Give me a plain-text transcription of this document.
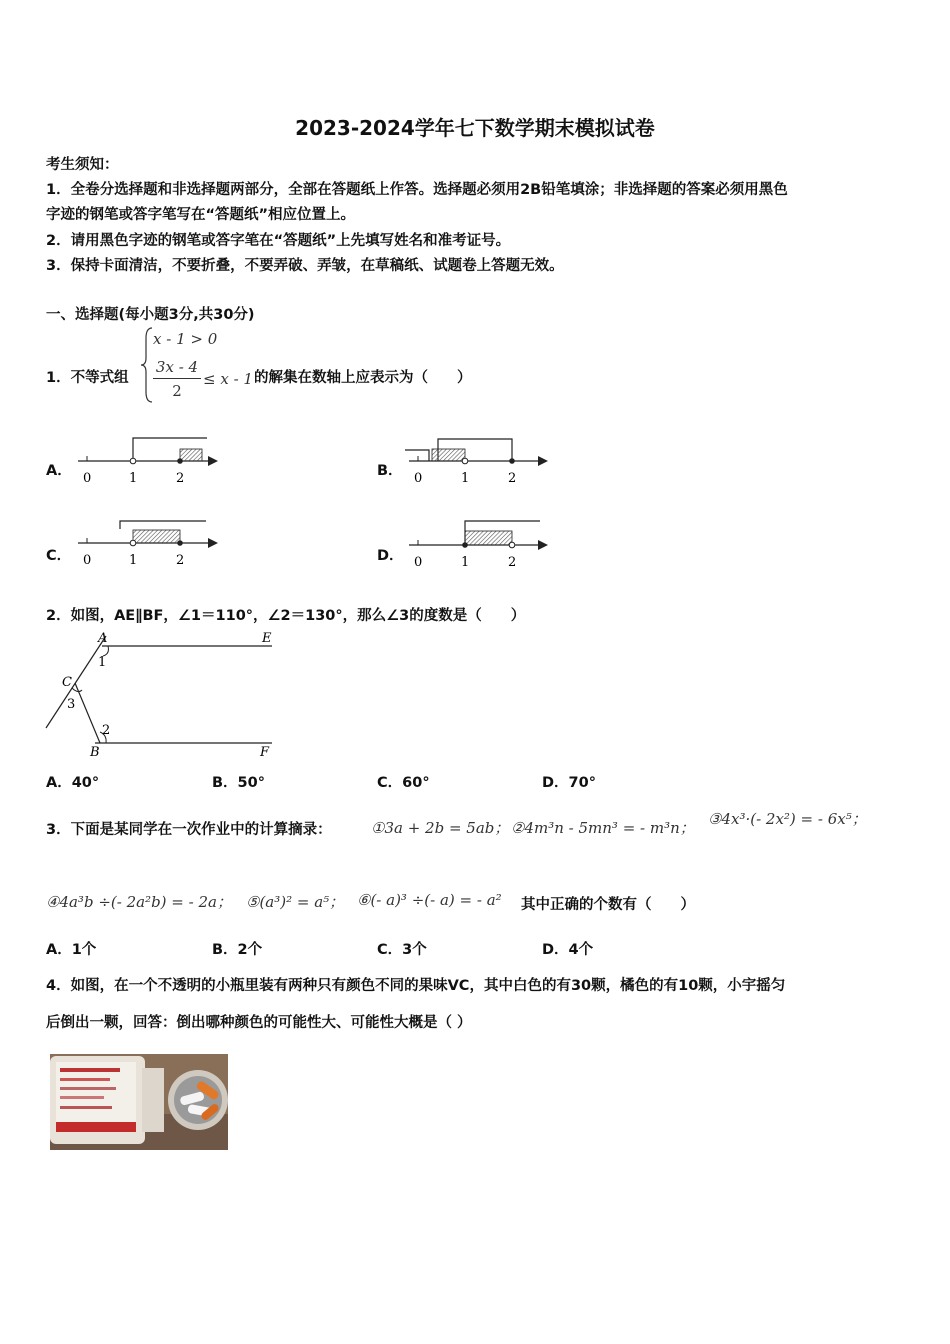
2023-2024学年七下数学期末模拟试卷
考生须知：
1．全卷分选择题和非选择题两部分，全部在答题纸上作答。选择题必须用2B铅笔填涂；非选择题的答案必须用黑色
字迹的钢笔或答字笔写在“答题纸”相应位置上。
2．请用黑色字迹的钢笔或答字笔在“答题纸”上先填写姓名和准考证号。
3．保持卡面清洁，不要折叠，不要弄破、弄皱，在草稿纸、试题卷上答题无效。
一、选择题(每小题3分,共30分)
1．不等式组
x - 1 > 0
3x - 4
2
≤ x - 1 的解集在数轴上应表示为（　　）
A．	B．
C．	D．
0	1	2	0	1	2
0	1	2	0	1	2
2．如图，AE∥BF，∠1＝110°，∠2＝130°，那么∠3的度数是（　　）
A	E
C
B	F
1
2
3
A．40°	B．50°	C．60°	D．70°
3．下面是某同学在一次作业中的计算摘录：	①3a + 2b = 5ab； ②4m³n - 5mn³ = - m³n； ③4x³·(- 2x²) = - 6x⁵；
④4a³b ÷(- 2a²b) = - 2a； ⑤(a³)² = a⁵； ⑥(- a)³ ÷(- a) = - a² 其中正确的个数有（　　）
A．1个	B．2个	C．3个	D．4个
4．如图，在一个不透明的小瓶里装有两种只有颜色不同的果味VC，其中白色的有30颗，橘色的有10颗，小宇摇匀
后倒出一颗，回答：倒出哪种颜色的可能性大、可能性大概是（ ）
